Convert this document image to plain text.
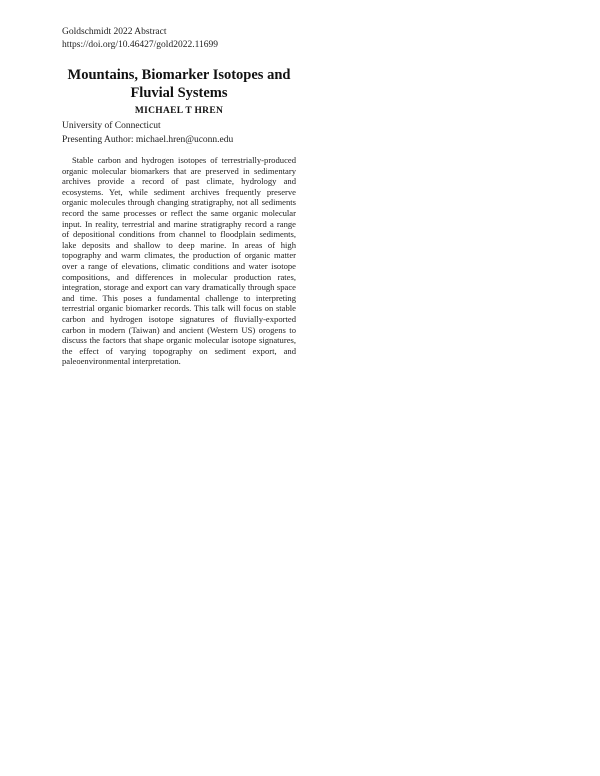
Goldschmidt 2022 Abstract
https://doi.org/10.46427/gold2022.11699
Mountains, Biomarker Isotopes and Fluvial Systems
MICHAEL T HREN
University of Connecticut
Presenting Author: michael.hren@uconn.edu

Stable carbon and hydrogen isotopes of terrestrially-produced organic molecular biomarkers that are preserved in sedimentary archives provide a record of past climate, hydrology and ecosystems. Yet, while sediment archives frequently preserve organic molecules through changing stratigraphy, not all sediments record the same processes or reflect the same organic molecular input. In reality, terrestrial and marine stratigraphy record a range of depositional conditions from channel to floodplain sediments, lake deposits and shallow to deep marine. In areas of high topography and warm climates, the production of organic matter over a range of elevations, climatic conditions and water isotope compositions, and differences in molecular production rates, integration, storage and export can vary dramatically through space and time. This poses a fundamental challenge to interpreting terrestrial organic biomarker records. This talk will focus on stable carbon and hydrogen isotope signatures of fluvially-exported carbon in modern (Taiwan) and ancient (Western US) orogens to discuss the factors that shape organic molecular isotope signatures, the effect of varying topography on sediment export, and paleoenvironmental interpretation.
